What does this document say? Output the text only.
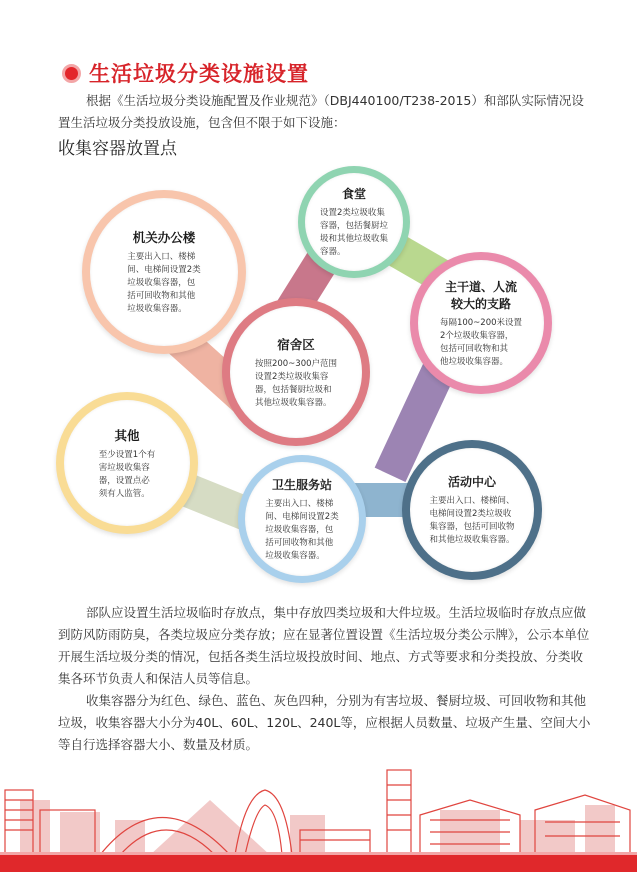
生活垃圾分类设施设置
根据《生活垃圾分类设施配置及作业规范》（DBJ440100/T238-2015）和部队实际情况设置生活垃圾分类投放设施，包含但不限于如下设施：
收集容器放置点
机关办公楼
主要出入口、楼梯
间、电梯间设置2类
垃圾收集容器，包
括可回收物和其他
垃圾收集容器。
食堂
设置2类垃圾收集
容器，包括餐厨垃
圾和其他垃圾收集
容器。
宿舍区
按照200~300户范围
设置2类垃圾收集容
器，包括餐厨垃圾和
其他垃圾收集容器。
主干道、人流
较大的支路
每隔100~200米设置
2个垃圾收集容器，
包括可回收物和其
他垃圾收集容器。
其他
至少设置1个有
害垃圾收集容
器，设置点必
须有人监管。
卫生服务站
主要出入口、楼梯
间、电梯间设置2类
垃圾收集容器，包
括可回收物和其他
垃圾收集容器。
活动中心
主要出入口、楼梯间、
电梯间设置2类垃圾收
集容器，包括可回收物
和其他垃圾收集容器。
部队应设置生活垃圾临时存放点，集中存放四类垃圾和大件垃圾。生活垃圾临时存放点应做到防风防雨防臭，各类垃圾应分类存放；应在显著位置设置《生活垃圾分类公示牌》，公示本单位开展生活垃圾分类的情况，包括各类生活垃圾投放时间、地点、方式等要求和分类投放、分类收集各环节负责人和保洁人员等信息。
收集容器分为红色、绿色、蓝色、灰色四种，分别为有害垃圾、餐厨垃圾、可回收物和其他垃圾，收集容器大小分为40L、60L、120L、240L等，应根据人员数量、垃圾产生量、空间大小等自行选择容器大小、数量及材质。
